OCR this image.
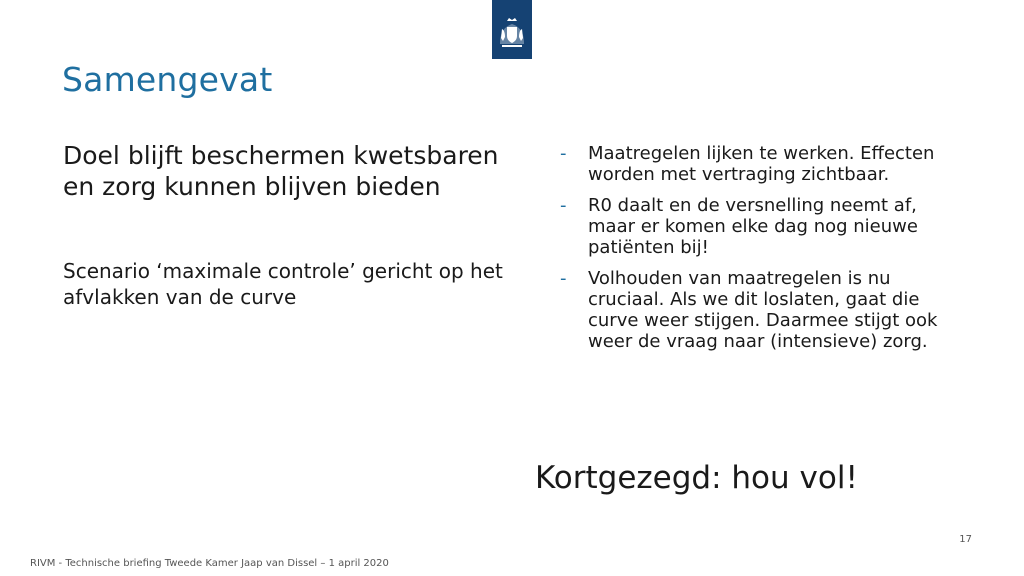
Samengevat

Doel blijft beschermen kwetsbaren en zorg kunnen blijven bieden

Scenario ‘maximale controle’ gericht op het afvlakken van de curve

- Maatregelen lijken te werken. Effecten worden met vertraging zichtbaar.
- R0 daalt en de versnelling neemt af, maar er komen elke dag nog nieuwe patiënten bij!
- Volhouden van maatregelen is nu cruciaal. Als we dit loslaten, gaat die curve weer stijgen. Daarmee stijgt ook weer de vraag naar (intensieve) zorg.
Kortgezegd: hou vol!
17
RIVM - Technische briefing Tweede Kamer Jaap van Dissel – 1 april 2020
